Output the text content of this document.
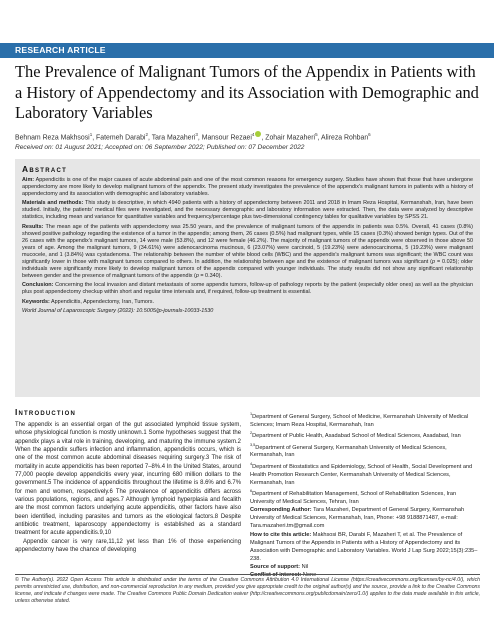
RESEARCH ARTICLE
The Prevalence of Malignant Tumors of the Appendix in Patients with a History of Appendectomy and its Association with Demographic and Laboratory Variables
Behnam Reza Makhsosi$^1$, Fatemeh Darabi$^2$, Tara Mazaheri$^3$, Mansour Rezaei$^4$ , Zohair Mazaheri$^5$, Alireza Rohban$^6$
Received on: 01 August 2021; Accepted on: 06 September 2022; Published on: 07 December 2022
Abstract

Aim: Appendicitis is one of the major causes of acute abdominal pain and one of the most common reasons for emergency surgery. Studies have shown that those that have undergone appendectomy are more likely to develop malignant tumors of the appendix. The present study investigates the prevalence of the appendix's malignant tumors in patients with a history of appendectomy and its association with demographic and laboratory variables.

Materials and methods: This study is descriptive, in which 4940 patients with a history of appendectomy between 2011 and 2018 in Imam Reza Hospital, Kermanshah, Iran, have been studied. Initially, the patients' medical files were investigated, and the necessary demographic and laboratory information were extracted. Then, the data were analyzed by descriptive statistics, including mean and variance for quantitative variables and frequency/percentage plus two-dimensional contingency tables for qualitative variables by SPSS 21.

Results: The mean age of the patients with appendectomy was 25.50 years, and the prevalence of malignant tumors of the appendix in patients was 0.5%. Overall, 41 cases (0.8%) showed positive pathology regarding the existence of a tumor in the appendix; among them, 26 cases (0.5%) had malignant types, while 15 cases (0.3%) showed benign types. Out of the 26 cases with the appendix's malignant tumors, 14 were male (53.8%), and 12 were female (46.2%). The majority of malignant tumors of the appendix were observed in those above 50 years of age. Among the malignant tumors, 9 (34.61%) were adenocarcinoma mucinous, 6 (23.07%) were carcinoid, 5 (19.23%) were adenocarcinoma, 5 (19.23%) were malignant mucocele, and 1 (3.84%) was cystadenoma. The relationship between the number of white blood cells (WBC) and the appendix's malignant tumors was significant; the WBC count was significantly lower in those with malignant tumors compared to others. In addition, the relationship between age and the existence of malignant tumors was significant (p = 0.025); older individuals were significantly more likely to develop malignant tumors of the appendix compared with younger individuals. The study results did not show any significant relationship between gender and the presence of malignant tumors of the appendix (p = 0.340).

Conclusion: Concerning the local invasion and distant metastasis of some appendix tumors, follow-up of pathology reports by the patient (especially older ones) as well as the physician plus post appendectomy checkup within short and regular time intervals and, if required, follow-up treatment is essential.

Keywords: Appendicitis, Appendectomy, Iran, Tumors.

World Journal of Laparoscopic Surgery (2022): 10.5005/jp-journals-10033-1530

Introduction

The appendix is an essential organ of the gut associated lymphoid tissue system, whose physiological function is mostly unknown.1 Some hypotheses suggest that the appendix plays a vital role in training, developing, and maturing the immune system.2 When the appendix suffers infection and inflammation, appendicitis occurs, which is one of the most common acute abdominal diseases requiring surgery.3 The risk of mortality in acute appendicitis has been reported 7–8%.4 In the United States, around 77,000 people develop appendicitis every year, incurring 680 million dollars to the government.5 The incidence of appendicitis throughout the lifetime is 8.6% and 6.7% for men and women, respectively.6 The prevalence of appendicitis differs across various populations, regions, and ages.7 Although lymphoid hyperplasia and fecalith are the most common factors underlying acute appendicitis, other factors have also been identified, including parasites and tumors as the etiological factors.8 Despite antibiotic treatment, laparoscopy appendectomy is established as a standard treatment for acute appendicitis.9,10

Appendix cancer is very rare,11,12 yet less than 1% of those experiencing appendectomy have the chance of developing

$^1$Department of General Surgery, School of Medicine, Kermanshah University of Medical Sciences; Imam Reza Hospital, Kermanshah, Iran

$^2$Department of Public Health, Asadabad School of Medical Sciences, Asadabad, Iran

$^{3,5}$Department of General Surgery, Kermanshah University of Medical Sciences, Kermanshah, Iran

$^4$Department of Biostatistics and Epidemiology, School of Health, Social Development and Health Promotion Research Center, Kermanshah University of Medical Sciences, Kermanshah, Iran

$^6$Department of Rehabilitation Management, School of Rehabilitation Sciences, Iran University of Medical Sciences, Tehran, Iran

Corresponding Author: Tara Mazaheri, Department of General Surgery, Kermanshah University of Medical Sciences, Kermanshah, Iran, Phone: +98 9188871487, e-mail: Tara.mazaheri.tm@gmail.com

How to cite this article: Makhsosi BR, Darabi F, Mazaheri T, et al. The Prevalence of Malignant Tumors of the Appendix in Patients with a History of Appendectomy and its Association with Demographic and Laboratory Variables. World J Lap Surg 2022;15(3):235–238.

Source of support: Nil

Conflict of interest: None

© The Author(s). 2022 Open Access This article is distributed under the terms of the Creative Commons Attribution 4.0 International License (https://creativecommons.org/licenses/by-nc/4.0/), which permits unrestricted use, distribution, and non-commercial reproduction in any medium, provided you give appropriate credit to the original author(s) and the source, provide a link to the Creative Commons license, and indicate if changes were made. The Creative Commons Public Domain Dedication waiver (http://creativecommons.org/publicdomain/zero/1.0/) applies to the data made available in this article, unless otherwise stated.
